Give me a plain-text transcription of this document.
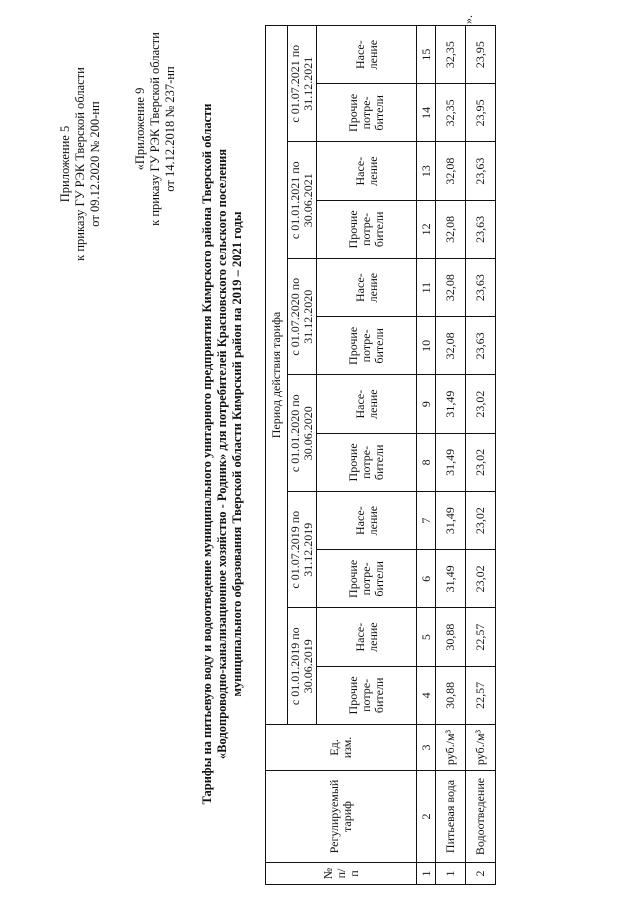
Приложение 5 к приказу ГУ РЭК Тверской области от 09.12.2020 № 200-нп «Приложение 9 к приказу ГУ РЭК Тверской области от 14.12.2018 № 237-нп Тарифы на питьевую воду и водоотведение муниципального унитарного предприятия Кимрского района Тверской области «Водопроводно-канализационное хозяйство - Родник» для потребителей Красновского сельского поселения муниципального образования Тверской области Кимрский район на 2019 – 2021 годы
№ п/ п	Регулируемый тариф	Ед. изм.	Период действия тарифа											
			с 01.01.2019 по 30.06.2019		с 01.07.2019 по 31.12.2019		с 01.01.2020 по 30.06.2020		с 01.07.2020 по 31.12.2020		с 01.01.2021 по 30.06.2021		с 01.07.2021 по 31.12.2021	
			Прочие потре- бители	Насе- ление	Прочие потре- бители	Насе- ление	Прочие потре- бители	Насе- ление	Прочие потре- бители	Насе- ление	Прочие потре- бители	Насе- ление	Прочие потре- бители	Насе- ление
1	2	3	4	5	6	7	8	9	10	11	12	13	14	15
1	Питьевая вода	руб./м³	30,88	30,88	31,49	31,49	31,49	31,49	32,08	32,08	32,08	32,08	32,35	32,35
2	Водоотведение	руб./м³	22,57	22,57	23,02	23,02	23,02	23,02	23,63	23,63	23,63	23,63	23,95	23,95
».
